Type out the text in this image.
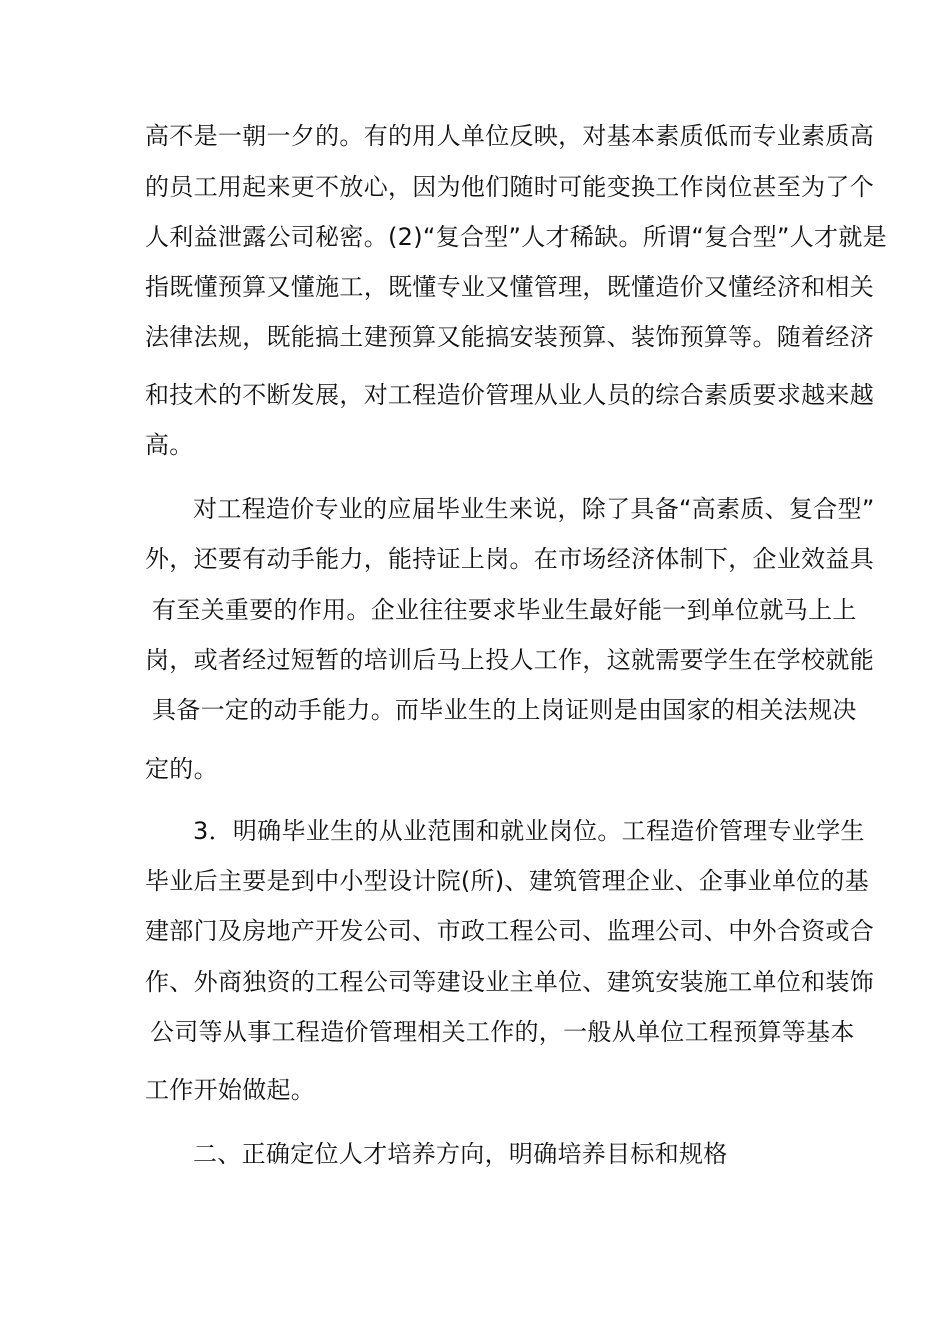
高不是一朝一夕的。有的用人单位反映，对基本素质低而专业素质高
的员工用起来更不放心，因为他们随时可能变换工作岗位甚至为了个
人利益泄露公司秘密。(2)“复合型”人才稀缺。所谓“复合型”人才就是
指既懂预算又懂施工，既懂专业又懂管理，既懂造价又懂经济和相关
法律法规，既能搞土建预算又能搞安装预算、装饰预算等。随着经济
和技术的不断发展，对工程造价管理从业人员的综合素质要求越来越
高。
对工程造价专业的应届毕业生来说，除了具备“高素质、复合型”
外，还要有动手能力，能持证上岗。在市场经济体制下，企业效益具
有至关重要的作用。企业往往要求毕业生最好能一到单位就马上上
岗，或者经过短暂的培训后马上投人工作，这就需要学生在学校就能
具备一定的动手能力。而毕业生的上岗证则是由国家的相关法规决
定的。
3．明确毕业生的从业范围和就业岗位。工程造价管理专业学生
毕业后主要是到中小型设计院(所)、建筑管理企业、企事业单位的基
建部门及房地产开发公司、市政工程公司、监理公司、中外合资或合
作、外商独资的工程公司等建设业主单位、建筑安装施工单位和装饰
公司等从事工程造价管理相关工作的，一般从单位工程预算等基本
工作开始做起。
二、正确定位人才培养方向，明确培养目标和规格
